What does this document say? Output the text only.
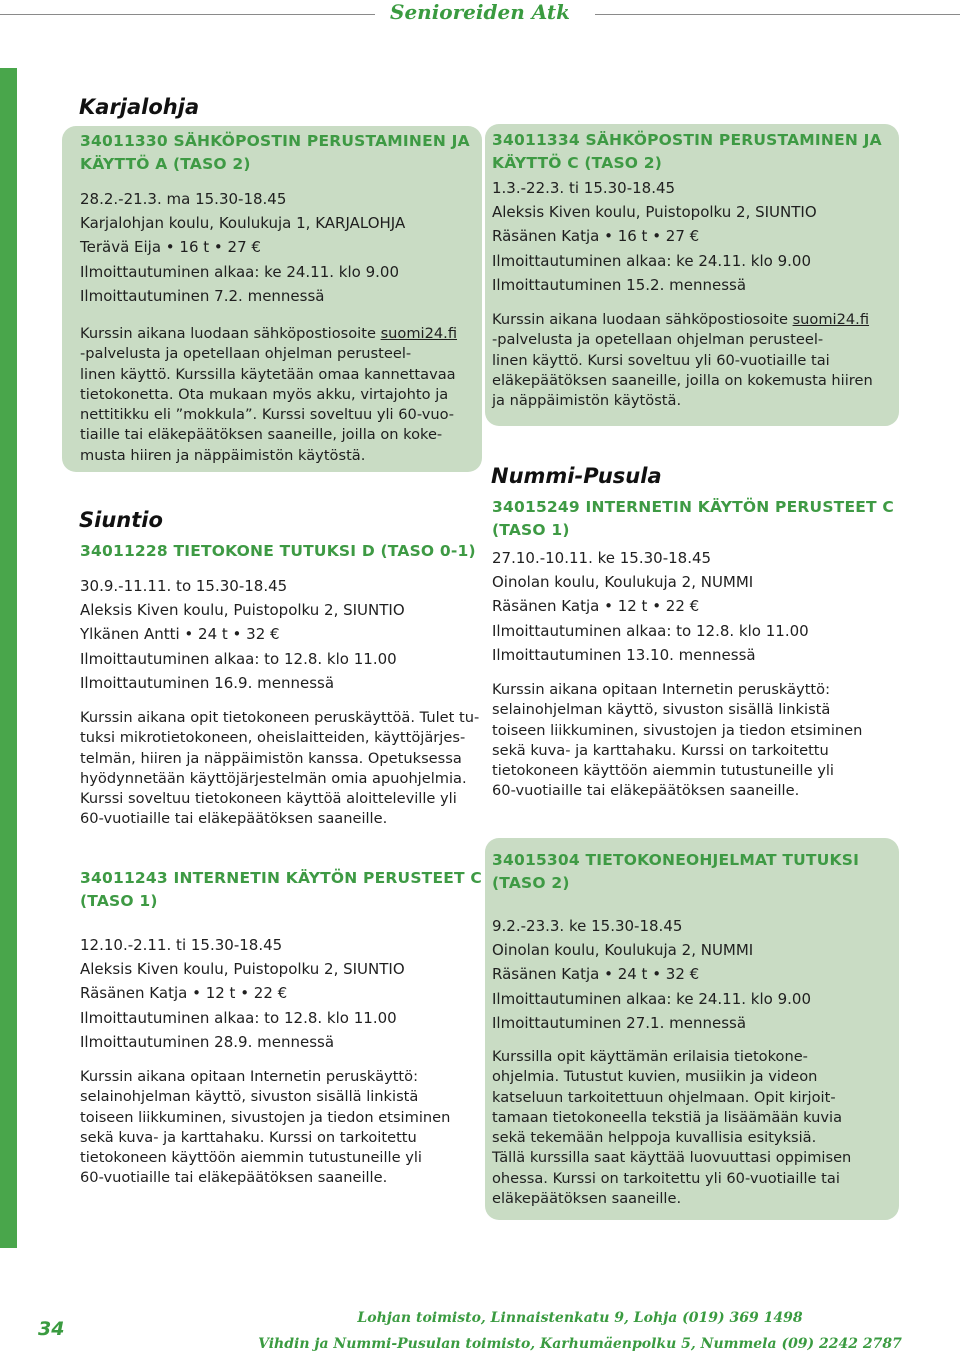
Senioreiden Atk
Karjalohja
34011330 SÄHKÖPOSTIN PERUSTAMINEN JA
KÄYTTÖ A (TASO 2)
28.2.-21.3. ma 15.30-18.45
Karjalohjan koulu, Koulukuja 1, KARJALOHJA
Terävä Eija • 16 t • 27 €
Ilmoittautuminen alkaa: ke 24.11. klo 9.00
Ilmoittautuminen 7.2. mennessä
Kurssin aikana luodaan sähköpostiosoite suomi24.fi
-palvelusta ja opetellaan ohjelman perusteel-
linen käyttö. Kurssilla käytetään omaa kannettavaa
tietokonetta. Ota mukaan myös akku, virtajohto ja
nettitikku eli ”mokkula”. Kurssi soveltuu yli 60-vuo-
tiaille tai eläkepäätöksen saaneille, joilla on koke-
musta hiiren ja näppäimistön käytöstä.
Siuntio
34011228 TIETOKONE TUTUKSI D (TASO 0-1)
30.9.-11.11. to 15.30-18.45
Aleksis Kiven koulu, Puistopolku 2, SIUNTIO
Ylkänen Antti • 24 t • 32 €
Ilmoittautuminen alkaa: to 12.8. klo 11.00
Ilmoittautuminen 16.9. mennessä
Kurssin aikana opit tietokoneen peruskäyttöä. Tulet tu-
tuksi mikrotietokoneen, oheislaitteiden, käyttöjärjes-
telmän, hiiren ja näppäimistön kanssa. Opetuksessa
hyödynnetään käyttöjärjestelmän omia apuohjelmia.
Kurssi soveltuu tietokoneen käyttöä aloitteleville yli
60-vuotiaille tai eläkepäätöksen saaneille.
34011243 INTERNETIN KÄYTÖN PERUSTEET C
(TASO 1)
12.10.-2.11. ti 15.30-18.45
Aleksis Kiven koulu, Puistopolku 2, SIUNTIO
Räsänen Katja • 12 t • 22 €
Ilmoittautuminen alkaa: to 12.8. klo 11.00
Ilmoittautuminen 28.9. mennessä
Kurssin aikana opitaan Internetin peruskäyttö:
selainohjelman käyttö, sivuston sisällä linkistä
toiseen liikkuminen, sivustojen ja tiedon etsiminen
sekä kuva- ja karttahaku. Kurssi on tarkoitettu
tietokoneen käyttöön aiemmin tutustuneille yli
60-vuotiaille tai eläkepäätöksen saaneille.
34011334 SÄHKÖPOSTIN PERUSTAMINEN JA
KÄYTTÖ C (TASO 2)
1.3.-22.3. ti 15.30-18.45
Aleksis Kiven koulu, Puistopolku 2, SIUNTIO
Räsänen Katja • 16 t • 27 €
Ilmoittautuminen alkaa: ke 24.11. klo 9.00
Ilmoittautuminen 15.2. mennessä
Kurssin aikana luodaan sähköpostiosoite suomi24.fi
-palvelusta ja opetellaan ohjelman perusteel-
linen käyttö. Kursi soveltuu yli 60-vuotiaille tai
eläkepäätöksen saaneille, joilla on kokemusta hiiren
ja näppäimistön käytöstä.
Nummi-Pusula
34015249 INTERNETIN KÄYTÖN PERUSTEET C
(TASO 1)
27.10.-10.11. ke 15.30-18.45
Oinolan koulu, Koulukuja 2, NUMMI
Räsänen Katja • 12 t • 22 €
Ilmoittautuminen alkaa: to 12.8. klo 11.00
Ilmoittautuminen 13.10. mennessä
Kurssin aikana opitaan Internetin peruskäyttö:
selainohjelman käyttö, sivuston sisällä linkistä
toiseen liikkuminen, sivustojen ja tiedon etsiminen
sekä kuva- ja karttahaku. Kurssi on tarkoitettu
tietokoneen käyttöön aiemmin tutustuneille yli
60-vuotiaille tai eläkepäätöksen saaneille.
34015304 TIETOKONEOHJELMAT TUTUKSI
(TASO 2)
9.2.-23.3. ke 15.30-18.45
Oinolan koulu, Koulukuja 2, NUMMI
Räsänen Katja • 24 t • 32 €
Ilmoittautuminen alkaa: ke 24.11. klo 9.00
Ilmoittautuminen 27.1. mennessä
Kurssilla opit käyttämän erilaisia tietokone-
ohjelmia. Tutustut kuvien, musiikin ja videon
katseluun tarkoitettuun ohjelmaan. Opit kirjoit-
tamaan tietokoneella tekstiä ja lisäämään kuvia
sekä tekemään helppoja kuvallisia esityksiä.
Tällä kurssilla saat käyttää luovuuttasi oppimisen
ohessa. Kurssi on tarkoitettu yli 60-vuotiaille tai
eläkepäätöksen saaneille.
34	Lohjan toimisto, Linnaistenkatu 9, Lohja (019) 369 1498
Vihdin ja Nummi-Pusulan toimisto, Karhumäenpolku 5, Nummela (09) 2242 2787
